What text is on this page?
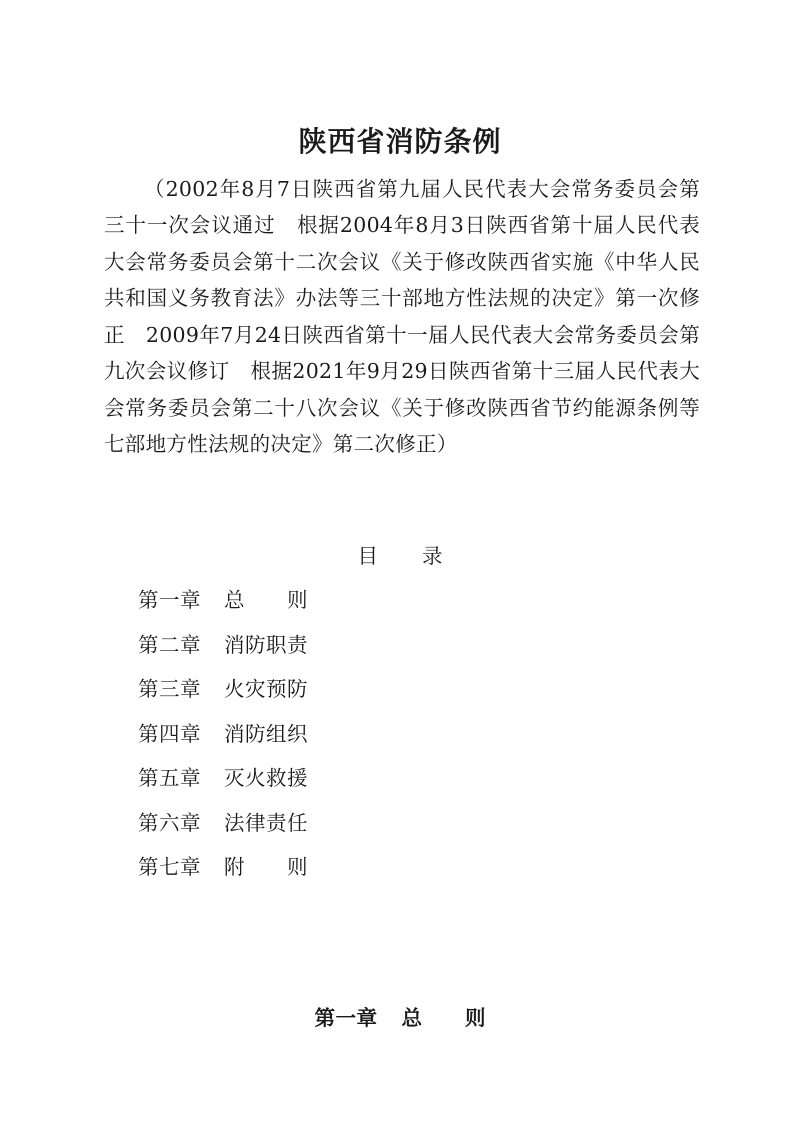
陕西省消防条例

（2002年8月7日陕西省第九届人民代表大会常务委员会第三十一次会议通过　根据2004年8月3日陕西省第十届人民代表大会常务委员会第十二次会议《关于修改陕西省实施《中华人民共和国义务教育法》办法等三十部地方性法规的决定》第一次修正　2009年7月24日陕西省第十一届人民代表大会常务委员会第九次会议修订　根据2021年9月29日陕西省第十三届人民代表大会常务委员会第二十八次会议《关于修改陕西省节约能源条例等七部地方性法规的决定》第二次修正）

目 录
第一章	总 则
第二章	消防职责
第三章	火灾预防
第四章	消防组织
第五章	灭火救援
第六章	法律责任
第七章	附 则
第一章 总 则
